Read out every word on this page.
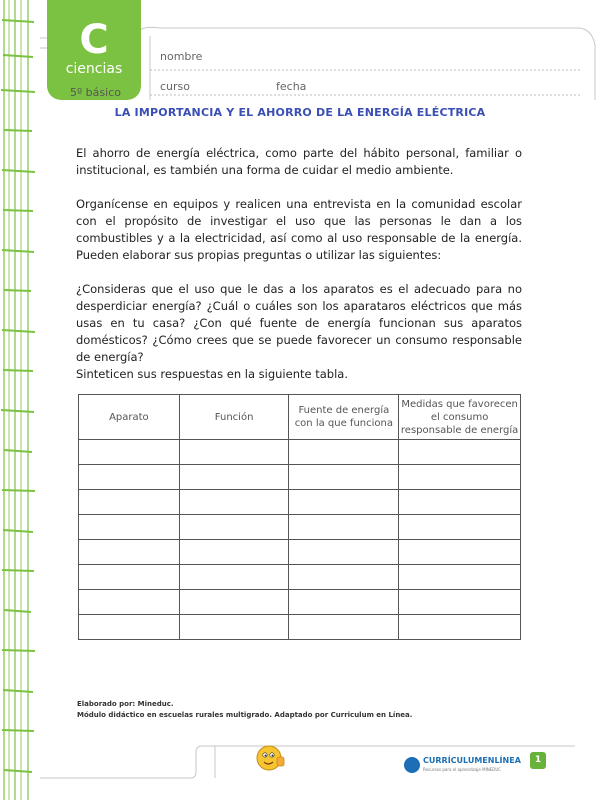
C
ciencias
5º básico
nombre
curso	fecha
LA IMPORTANCIA Y EL AHORRO DE LA ENERGÍA ELÉCTRICA
El ahorro de energía eléctrica, como parte del hábito personal, familiar o institucional, es también una forma de cuidar el medio ambiente.
Organícense en equipos y realicen una entrevista en la comunidad escolar con el propósito de investigar el uso que las personas le dan a los combustibles y a la electricidad, así como al uso responsable de la energía. Pueden elaborar sus propias preguntas o utilizar las siguientes:
¿Consideras que el uso que le das a los aparatos es el adecuado para no desperdiciar energía? ¿Cuál o cuáles son los aparataros eléctricos que más usas en tu casa? ¿Con qué fuente de energía funcionan sus aparatos domésticos? ¿Cómo crees que se puede favorecer un consumo responsable de energía?
Sinteticen sus respuestas en la siguiente tabla.
Aparato	Función	Fuente de energía con la que funciona	Medidas que favorecen el consumo responsable de energía

Elaborado por: Mineduc.
Módulo didáctico en escuelas rurales multigrado. Adaptado por Curriculum en Línea.
CURRÍCULUMENLÍNEA
Recursos para el aprendizaje MINEDUC
1
